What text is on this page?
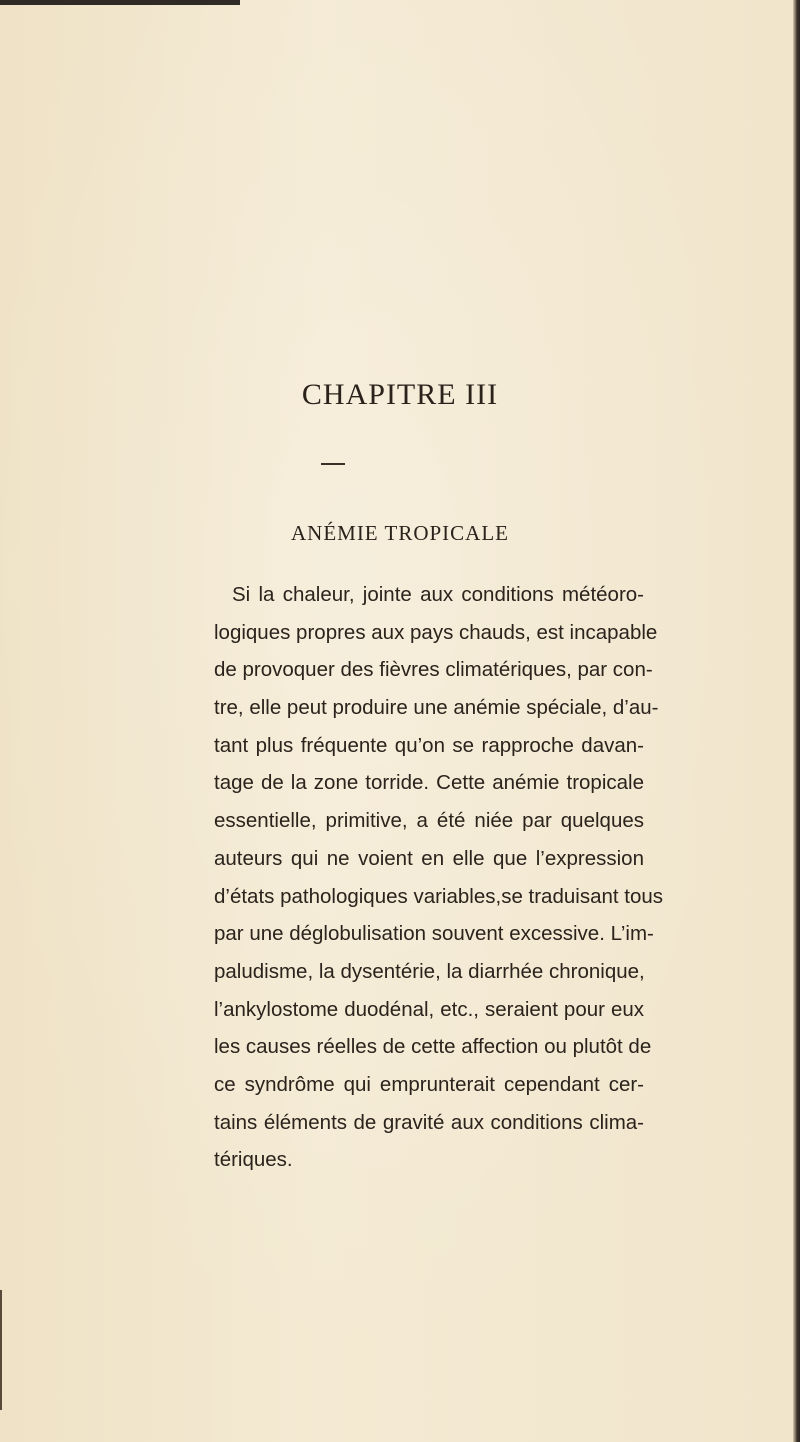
CHAPITRE III
ANÉMIE TROPICALE
Si la chaleur, jointe aux conditions météoro-
logiques propres aux pays chauds, est incapable
de provoquer des fièvres climatériques, par con-
tre, elle peut produire une anémie spéciale, d’au-
tant plus fréquente qu’on se rapproche davan-
tage de la zone torride. Cette anémie tropicale
essentielle, primitive, a été niée par quelques
auteurs qui ne voient en elle que l’expression
d’états pathologiques variables,se traduisant tous
par une déglobulisation souvent excessive. L’im-
paludisme, la dysentérie, la diarrhée chronique,
l’ankylostome duodénal, etc., seraient pour eux
les causes réelles de cette affection ou plutôt de
ce syndrôme qui emprunterait cependant cer-
tains éléments de gravité aux conditions clima-
tériques.
